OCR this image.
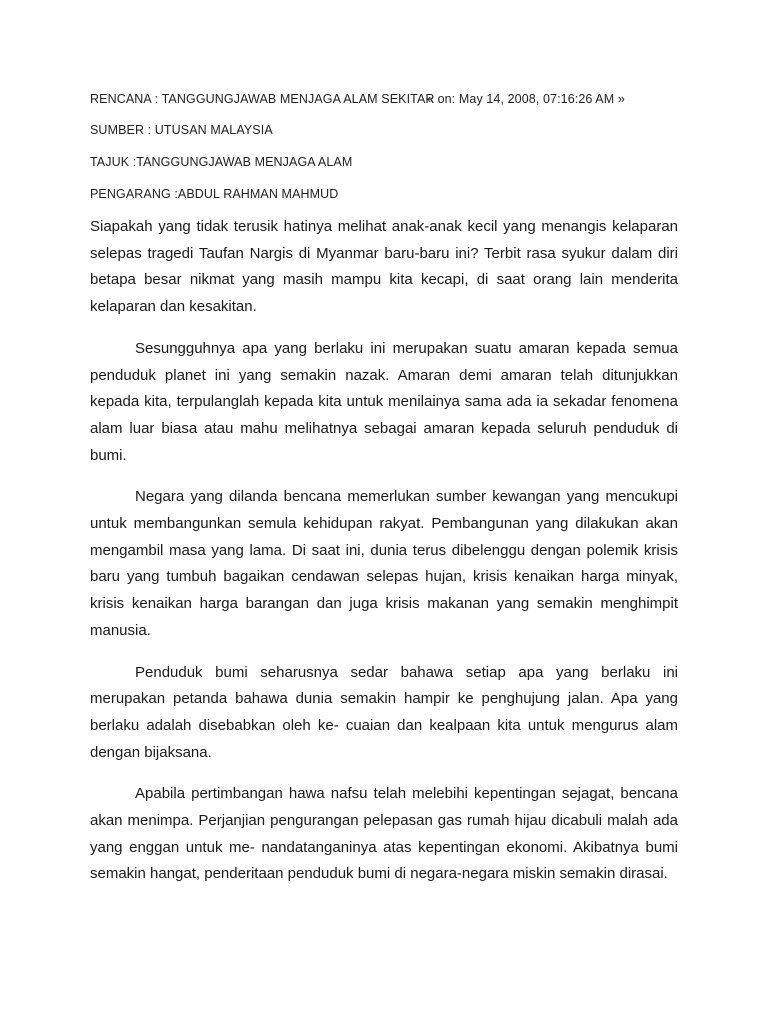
RENCANA : TANGGUNGJAWAB MENJAGA ALAM SEKITAR
« on: May 14, 2008, 07:16:26 AM »
SUMBER : UTUSAN MALAYSIA
TAJUK :TANGGUNGJAWAB MENJAGA ALAM
PENGARANG :ABDUL RAHMAN MAHMUD

Siapakah yang tidak terusik hatinya melihat anak-anak kecil yang menangis kelaparan selepas tragedi Taufan Nargis di Myanmar baru-baru ini? Terbit rasa syukur dalam diri betapa besar nikmat yang masih mampu kita kecapi, di saat orang lain menderita kelaparan dan kesakitan.

Sesungguhnya apa yang berlaku ini merupakan suatu amaran kepada semua penduduk planet ini yang semakin nazak. Amaran demi amaran telah ditunjukkan kepada kita, terpulanglah kepada kita untuk menilainya sama ada ia sekadar fenomena alam luar biasa atau mahu melihatnya sebagai amaran kepada seluruh penduduk di bumi.

Negara yang dilanda bencana memerlukan sumber kewangan yang mencukupi untuk membangunkan semula kehidupan rakyat. Pembangunan yang dilakukan akan mengambil masa yang lama. Di saat ini, dunia terus dibelenggu dengan polemik krisis baru yang tumbuh bagaikan cendawan selepas hujan, krisis kenaikan harga minyak, krisis kenaikan harga barangan dan juga krisis makanan yang semakin menghimpit manusia.

Penduduk bumi seharusnya sedar bahawa setiap apa yang berlaku ini merupakan petanda bahawa dunia semakin hampir ke penghujung jalan. Apa yang berlaku adalah disebabkan oleh ke- cuaian dan kealpaan kita untuk mengurus alam dengan bijaksana.

Apabila pertimbangan hawa nafsu telah melebihi kepentingan sejagat, bencana akan menimpa. Perjanjian pengurangan pelepasan gas rumah hijau dicabuli malah ada yang enggan untuk me- nandatanganinya atas kepentingan ekonomi. Akibatnya bumi semakin hangat, penderitaan penduduk bumi di negara-negara miskin semakin dirasai.
